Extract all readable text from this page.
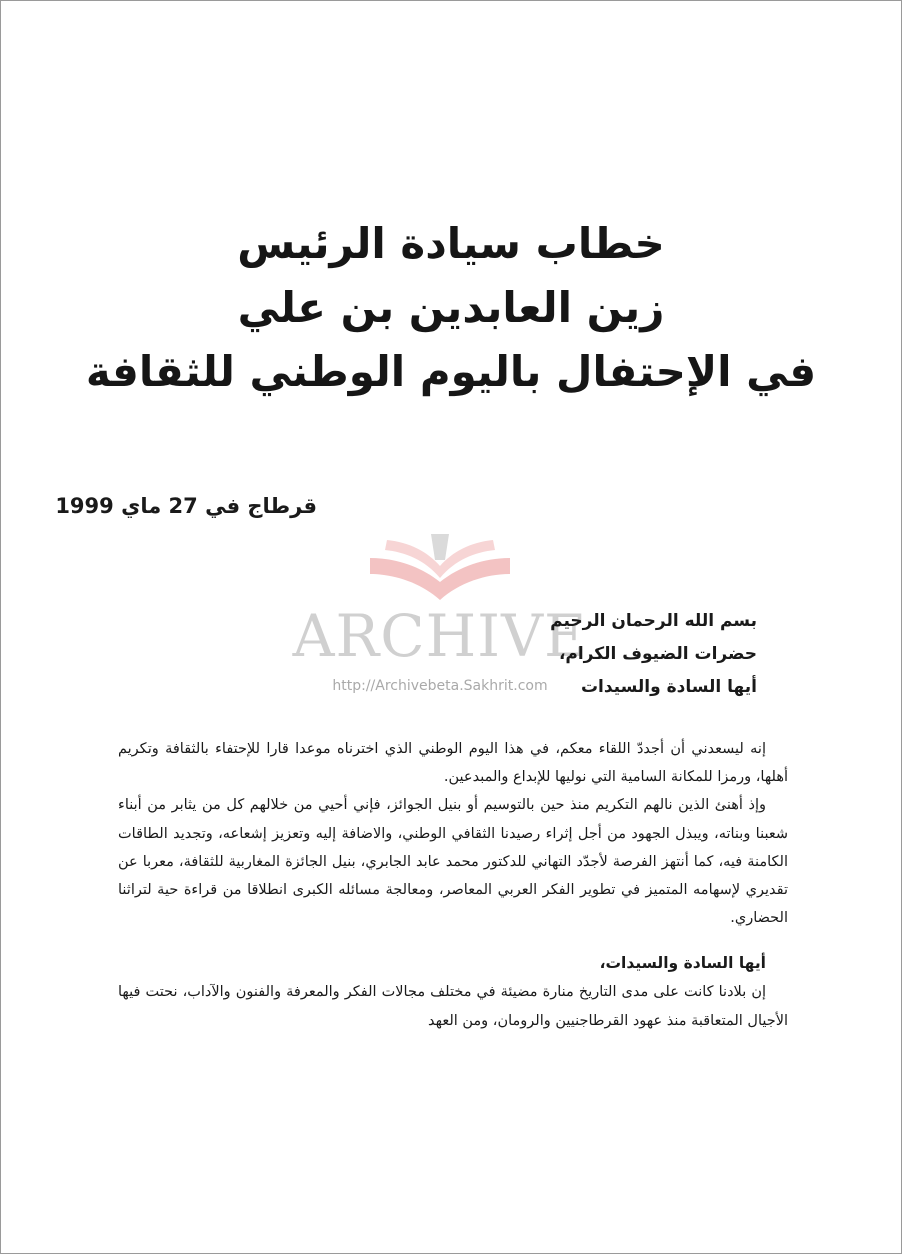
خطاب سيادة الرئيس
زين العابدين بن علي
في الإحتفال باليوم الوطني للثقافة
قرطاج في 27 ماي 1999
ARCHIVE
http://Archivebeta.Sakhrit.com
بسم الله الرحمان الرحيم
حضرات الضيوف الكرام،
أيها السادة والسيدات

إنه ليسعدني أن أجددّ اللقاء معكم، في هذا اليوم الوطني الذي اخترناه موعدا قارا للإحتفاء بالثقافة وتكريم أهلها، ورمزا للمكانة السامية التي نوليها للإبداع والمبدعين.

وإذ أهنئ الذين نالهم التكريم منذ حين بالتوسيم أو بنيل الجوائز، فإني أحيي من خلالهم كل من يثابر من أبناء شعبنا وبناته، ويبذل الجهود من أجل إثراء رصيدنا الثقافي الوطني، والاضافة إليه وتعزيز إشعاعه، وتجديد الطاقات الكامنة فيه، كما أنتهز الفرصة لأجدّد التهاني للدكتور محمد عابد الجابري، بنيل الجائزة المغاربية للثقافة، معربا عن تقديري لإسهامه المتميز في تطوير الفكر العربي المعاصر، ومعالجة مسائله الكبرى انطلاقا من قراءة حية لتراثنا الحضاري.

أيها السادة والسيدات،

إن بلادنا كانت على مدى التاريخ منارة مضيئة في مختلف مجالات الفكر والمعرفة والفنون والآداب، نحتت فيها الأجيال المتعاقبة منذ عهود القرطاجنيين والرومان، ومن العهد
